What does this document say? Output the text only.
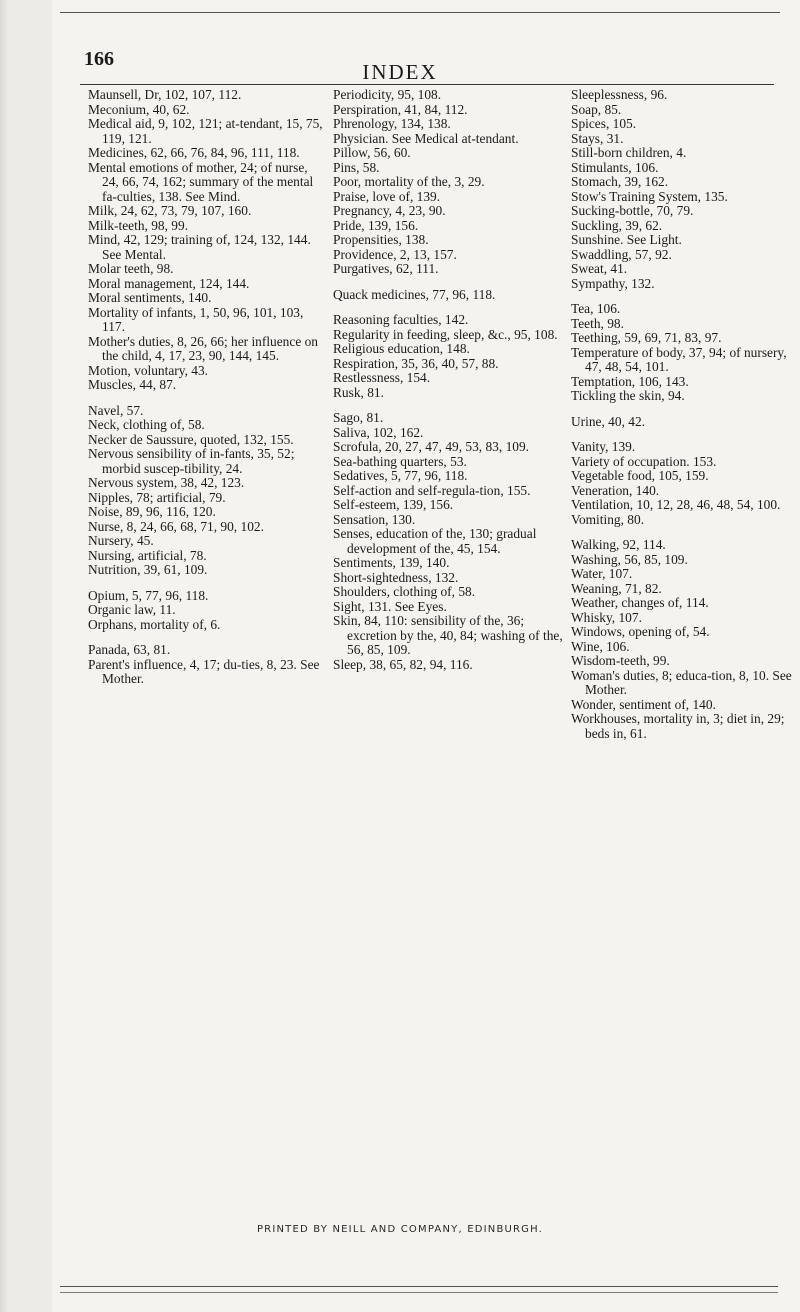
166
INDEX
Maunsell, Dr, 102, 107, 112.
Meconium, 40, 62.
Medical aid, 9, 102, 121; at-tendant, 15, 75, 119, 121.
Medicines, 62, 66, 76, 84, 96, 111, 118.
Mental emotions of mother, 24; of nurse, 24, 66, 74, 162; summary of the mental fa-culties, 138. See Mind.
Milk, 24, 62, 73, 79, 107, 160.
Milk-teeth, 98, 99.
Mind, 42, 129; training of, 124, 132, 144. See Mental.
Molar teeth, 98.
Moral management, 124, 144.
Moral sentiments, 140.
Mortality of infants, 1, 50, 96, 101, 103, 117.
Mother's duties, 8, 26, 66; her influence on the child, 4, 17, 23, 90, 144, 145.
Motion, voluntary, 43.
Muscles, 44, 87.
Navel, 57.
Neck, clothing of, 58.
Necker de Saussure, quoted, 132, 155.
Nervous sensibility of in-fants, 35, 52; morbid suscep-tibility, 24.
Nervous system, 38, 42, 123.
Nipples, 78; artificial, 79.
Noise, 89, 96, 116, 120.
Nurse, 8, 24, 66, 68, 71, 90, 102.
Nursery, 45.
Nursing, artificial, 78.
Nutrition, 39, 61, 109.
Opium, 5, 77, 96, 118.
Organic law, 11.
Orphans, mortality of, 6.
Panada, 63, 81.
Parent's influence, 4, 17; du-ties, 8, 23. See Mother.
Periodicity, 95, 108.
Perspiration, 41, 84, 112.
Phrenology, 134, 138.
Physician. See Medical at-tendant.
Pillow, 56, 60.
Pins, 58.
Poor, mortality of the, 3, 29.
Praise, love of, 139.
Pregnancy, 4, 23, 90.
Pride, 139, 156.
Propensities, 138.
Providence, 2, 13, 157.
Purgatives, 62, 111.
Quack medicines, 77, 96, 118.
Reasoning faculties, 142.
Regularity in feeding, sleep, &c., 95, 108.
Religious education, 148.
Respiration, 35, 36, 40, 57, 88.
Restlessness, 154.
Rusk, 81.
Sago, 81.
Saliva, 102, 162.
Scrofula, 20, 27, 47, 49, 53, 83, 109.
Sea-bathing quarters, 53.
Sedatives, 5, 77, 96, 118.
Self-action and self-regula-tion, 155.
Self-esteem, 139, 156.
Sensation, 130.
Senses, education of the, 130; gradual development of the, 45, 154.
Sentiments, 139, 140.
Short-sightedness, 132.
Shoulders, clothing of, 58.
Sight, 131. See Eyes.
Skin, 84, 110: sensibility of the, 36; excretion by the, 40, 84; washing of the, 56, 85, 109.
Sleep, 38, 65, 82, 94, 116.
Sleeplessness, 96.
Soap, 85.
Spices, 105.
Stays, 31.
Still-born children, 4.
Stimulants, 106.
Stomach, 39, 162.
Stow's Training System, 135.
Sucking-bottle, 70, 79.
Suckling, 39, 62.
Sunshine. See Light.
Swaddling, 57, 92.
Sweat, 41.
Sympathy, 132.
Tea, 106.
Teeth, 98.
Teething, 59, 69, 71, 83, 97.
Temperature of body, 37, 94; of nursery, 47, 48, 54, 101.
Temptation, 106, 143.
Tickling the skin, 94.
Urine, 40, 42.
Vanity, 139.
Variety of occupation. 153.
Vegetable food, 105, 159.
Veneration, 140.
Ventilation, 10, 12, 28, 46, 48, 54, 100.
Vomiting, 80.
Walking, 92, 114.
Washing, 56, 85, 109.
Water, 107.
Weaning, 71, 82.
Weather, changes of, 114.
Whisky, 107.
Windows, opening of, 54.
Wine, 106.
Wisdom-teeth, 99.
Woman's duties, 8; educa-tion, 8, 10. See Mother.
Wonder, sentiment of, 140.
Workhouses, mortality in, 3; diet in, 29; beds in, 61.
PRINTED BY NEILL AND COMPANY, EDINBURGH.
